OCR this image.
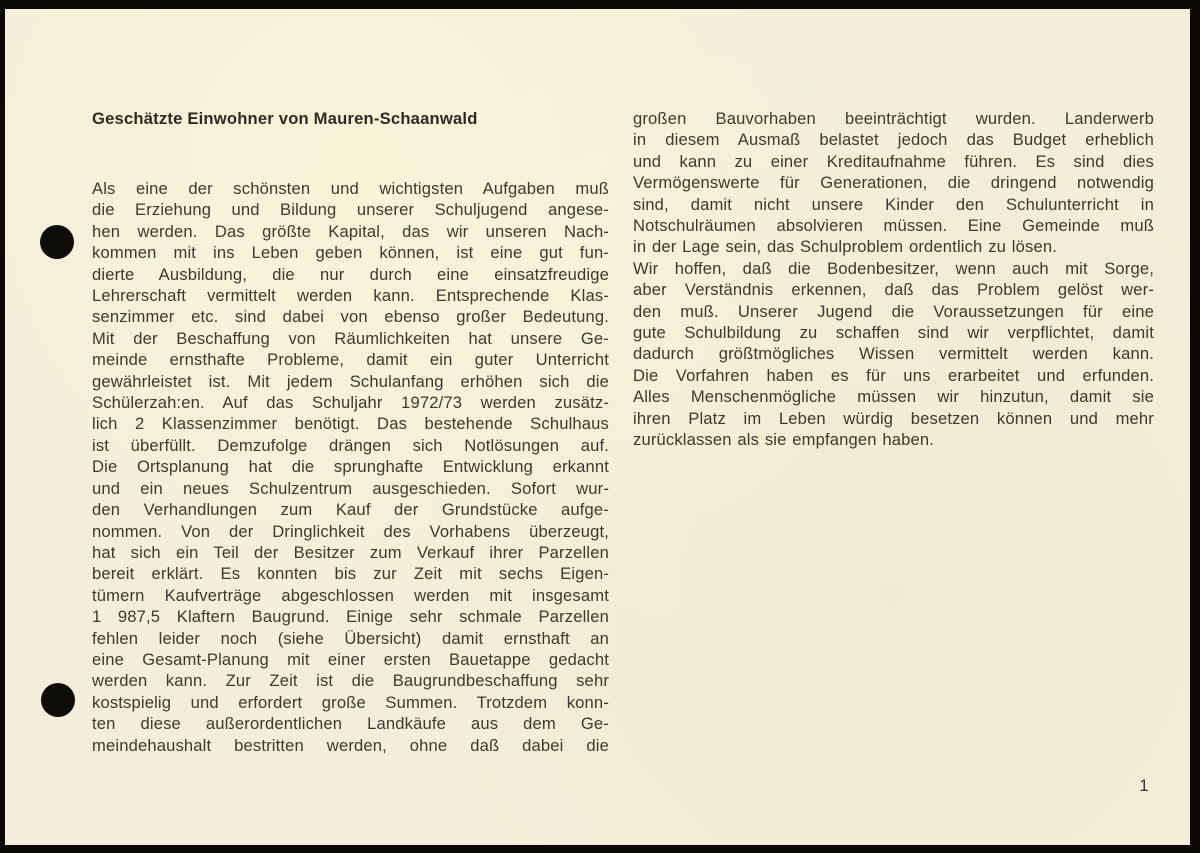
Geschätzte Einwohner von Mauren-Schaanwald
Als eine der schönsten und wichtigsten Aufgaben muß
die Erziehung und Bildung unserer Schuljugend angese-
hen werden. Das größte Kapital, das wir unseren Nach-
kommen mit ins Leben geben können, ist eine gut fun-
dierte Ausbildung, die nur durch eine einsatzfreudige
Lehrerschaft vermittelt werden kann. Entsprechende Klas-
senzimmer etc. sind dabei von ebenso großer Bedeutung.
Mit der Beschaffung von Räumlichkeiten hat unsere Ge-
meinde ernsthafte Probleme, damit ein guter Unterricht
gewährleistet ist. Mit jedem Schulanfang erhöhen sich die
Schülerzah:en. Auf das Schuljahr 1972/73 werden zusätz-
lich 2 Klassenzimmer benötigt. Das bestehende Schulhaus
ist überfüllt. Demzufolge drängen sich Notlösungen auf.
Die Ortsplanung hat die sprunghafte Entwicklung erkannt
und ein neues Schulzentrum ausgeschieden. Sofort wur-
den Verhandlungen zum Kauf der Grundstücke aufge-
nommen. Von der Dringlichkeit des Vorhabens überzeugt,
hat sich ein Teil der Besitzer zum Verkauf ihrer Parzellen
bereit erklärt. Es konnten bis zur Zeit mit sechs Eigen-
tümern Kaufverträge abgeschlossen werden mit insgesamt
1 987,5 Klaftern Baugrund. Einige sehr schmale Parzellen
fehlen leider noch (siehe Übersicht) damit ernsthaft an
eine Gesamt-Planung mit einer ersten Bauetappe gedacht
werden kann. Zur Zeit ist die Baugrundbeschaffung sehr
kostspielig und erfordert große Summen. Trotzdem konn-
ten diese außerordentlichen Landkäufe aus dem Ge-
meindehaushalt bestritten werden, ohne daß dabei die
großen Bauvorhaben beeinträchtigt wurden. Landerwerb
in diesem Ausmaß belastet jedoch das Budget erheblich
und kann zu einer Kreditaufnahme führen. Es sind dies
Vermögenswerte für Generationen, die dringend notwendig
sind, damit nicht unsere Kinder den Schulunterricht in
Notschulräumen absolvieren müssen. Eine Gemeinde muß
in der Lage sein, das Schulproblem ordentlich zu lösen.
Wir hoffen, daß die Bodenbesitzer, wenn auch mit Sorge,
aber Verständnis erkennen, daß das Problem gelöst wer-
den muß. Unserer Jugend die Voraussetzungen für eine
gute Schulbildung zu schaffen sind wir verpflichtet, damit
dadurch größtmögliches Wissen vermittelt werden kann.
Die Vorfahren haben es für uns erarbeitet und erfunden.
Alles Menschenmögliche müssen wir hinzutun, damit sie
ihren Platz im Leben würdig besetzen können und mehr
zurücklassen als sie empfangen haben.
1
